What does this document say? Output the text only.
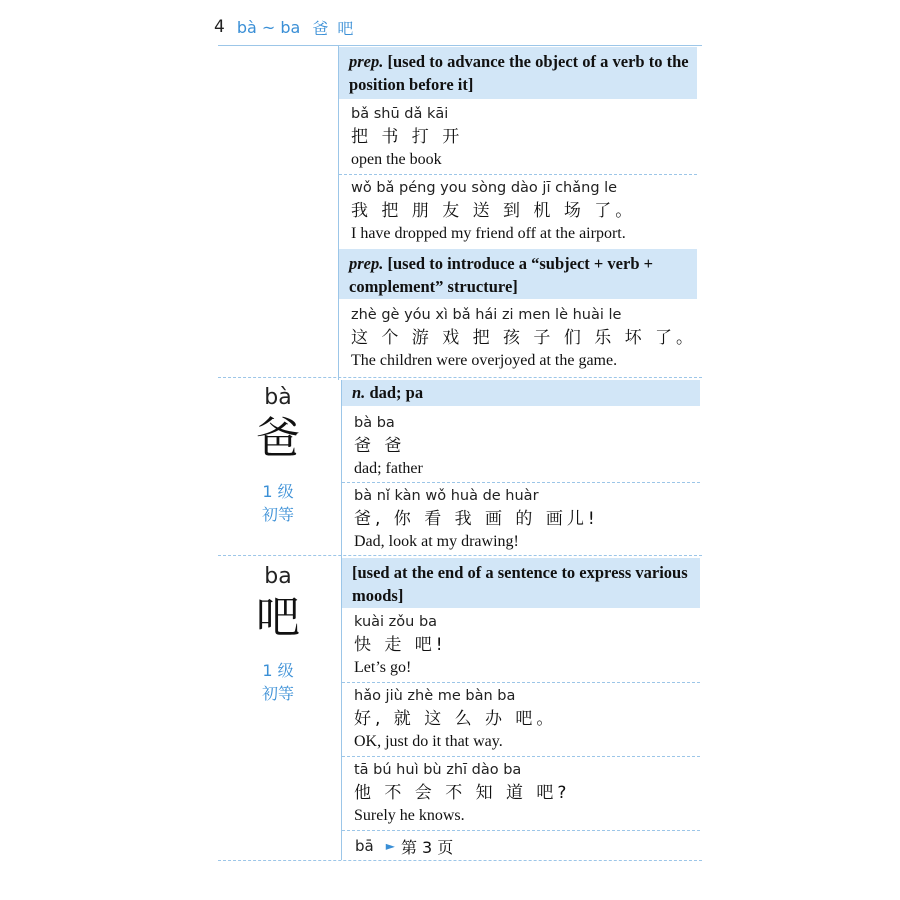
4 bà ~ ba 爸 吧
prep. [used to advance the object of a verb to the position before it]
bǎ shū dǎ kāi
把 书 打 开
open the book
wǒ bǎ péng you sòng dào jī chǎng le
我 把 朋 友 送 到 机 场 了。
I have dropped my friend off at the airport.
prep. [used to introduce a “subject + verb + complement” structure]
zhè gè yóu xì bǎ hái zi men lè huài le
这 个 游 戏 把 孩 子 们 乐 坏 了。
The children were overjoyed at the game.
bà
爸
1 级
初等
n. dad; pa
bà ba
爸 爸
dad; father
bà nǐ kàn wǒ huà de huàr
爸, 你 看 我 画 的 画儿!
Dad, look at my drawing!
ba
吧
1 级
初等
[used at the end of a sentence to express various moods]
kuài zǒu ba
快 走 吧!
Let’s go!
hǎo jiù zhè me bàn ba
好, 就 这 么 办 吧。
OK, just do it that way.
tā bú huì bù zhī dào ba
他 不 会 不 知 道 吧?
Surely he knows.
bā ► 第 3 页
